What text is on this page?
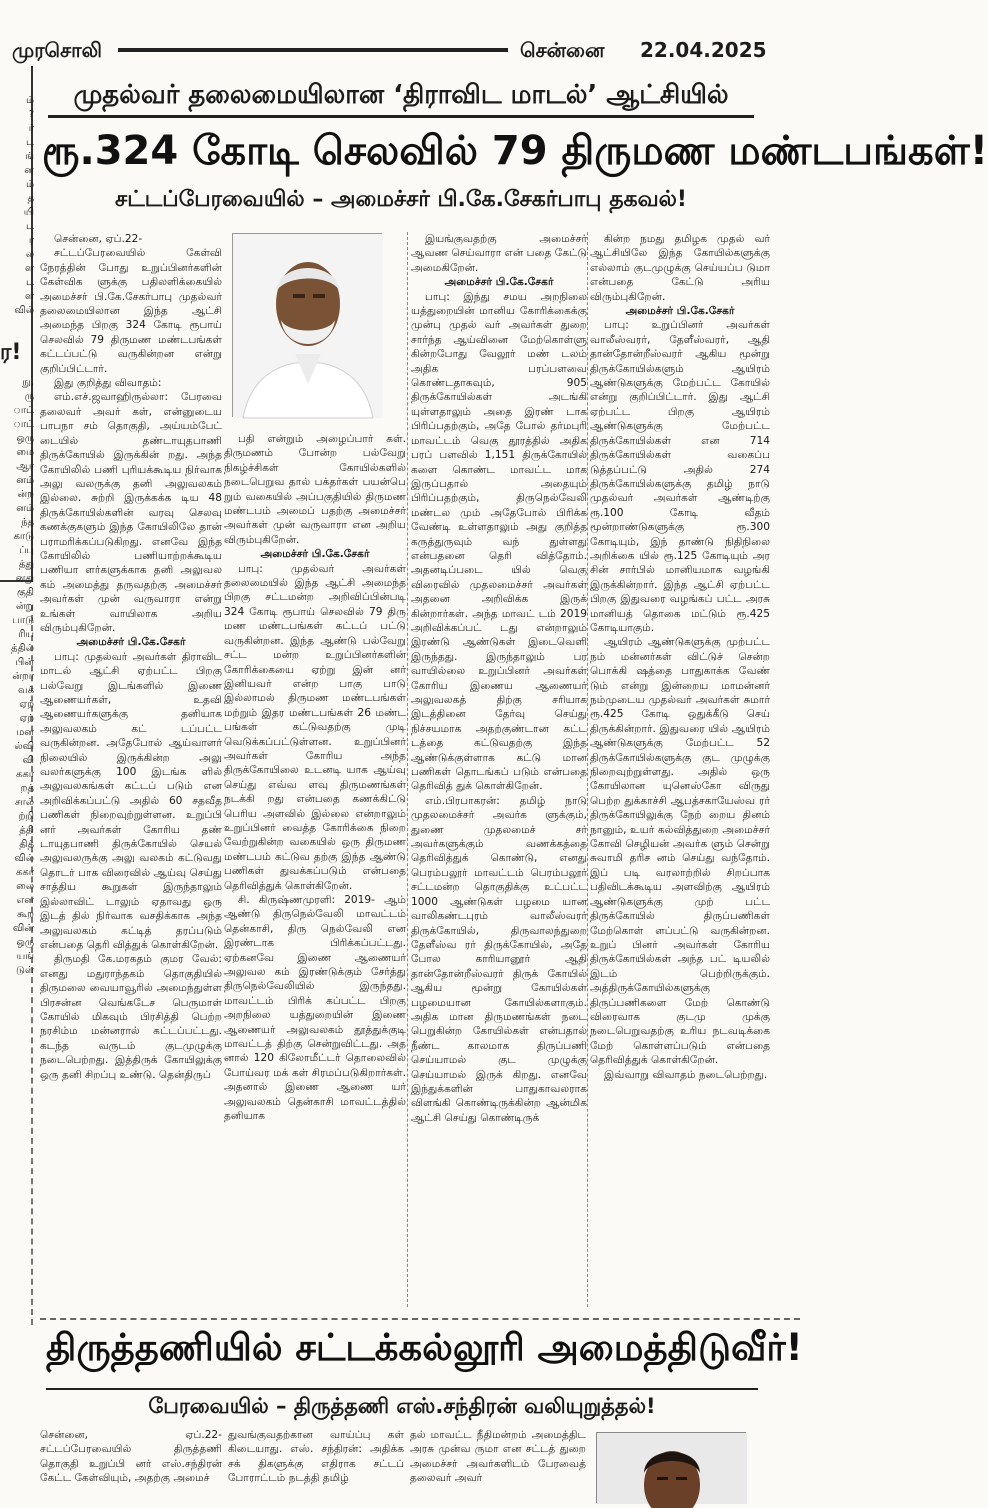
முரசொலி	சென்னை 22.04.2025
ம்
?
ர்
ட
ங்
ன
ம்
த
யி
ட
ர
ல
ள
ட
ள
வில்
ர!
நு,
ரு
ாட்
ாட்
ஒரு
மை
ஆர
னம்
ன்ற
னம்
ந்த
காடு
ப்பு
த்து
னது
குதி
ன்று
பாடு
ரிய
த்தில்
பின்
ன்றா
வக்
ஏற்
ஏற்
மன
ல்வி
வி
ககா
றத்
சால்
ற்றி
த்தி
தித்
வில்
ககா
லை
என
கூற
வின்
ஒரு
யங்
டுள்
முதல்வர் தலைமையிலான ‘திராவிட மாடல்’ ஆட்சியில்
ரூ.324 கோடி செலவில் 79 திருமண மண்டபங்கள்!
சட்டப்பேரவையில் – அமைச்சர் பி.கே.சேகர்பாபு தகவல்!

சென்னை, ஏப்.22-

சட்டப்பேரவையில் கேள்வி நேரத்தின் போது உறுப்பினர்களின் கேள்விக ளுக்கு பதிலளிக்கையில் அமைச்சர் பி.கே.சேகர்பாபு முதல்வர் தலைமையிலான இந்த ஆட்சி அமைந்த பிறகு 324 கோடி ரூபாய் செலவில் 79 திருமண மண்டபங்கள் கட்டப்பட்டு வருகின்றன என்று குறிப்பிட்டார்.

இது குறித்து விவாதம்:

எம்.எச்.ஜவாஹிருல்லா: பேரவை தலைவர் அவர் கள், என்னுடைய பாபநா சம் தொகுதி, அய்யம்பேட் டையில் தண்டாயுதபாணி திருக்கோயில் இருக்கின் றது. அந்த கோயிலில் பணி புரியக்கூடிய நிர்வாக அலு வலருக்கு தனி அலுவலகம் இல்லை. சுற்றி இருக்கக்க டிய 48 திருக்கோயில்களின் வரவு செலவு கணக்குகளும் இந்த கோயிலிலே தான் பராமரிக்கப்படுகிறது. எனவே இந்த கோயிலில் பணியாற்றக்கூடிய பணியா ளர்களுக்காக தனி அலுவல கம் அமைத்து தருவதற்கு அமைச்சர் அவர்கள் முன் வருவாரா என்று உங்கள் வாயிலாக அறிய விரும்புகிறேன்.

அமைச்சர் பி.கே.சேகர்

பாபு: முதல்வர் அவர்கள் திராவிட மாடல் ஆட்சி ஏற்பட்ட பிறகு பல்வேறு இடங்களில் இணை ஆணையர்கள், உதவி ஆணையர்களுக்கு தனியாக அலுவலகம் கட் டப்பட்ட வருகின்றன. அதேபோல் ஆய்வாளர் நிலையில் இருக்கின்ற அலு வலர்களுக்கு 100 இடங்க ளில் அலுவலகங்கள் கட்டப் படும் என அறிவிக்கப்பட்டு அதில் 60 சதவீத பணிகள் நிறைவுற்றுள்ளன. உறுப்பி னர் அவர்கள் கோரிய தண் டாயுதபாணி திருக்கோயில் செயல் அலுவலருக்கு அலு வலகம் கட்டுவது தொடர் பாக விரைவில் ஆய்வு செய்து சாத்திய கூறுகள் இருந்தாலும் இல்லாவிட் டாலும் ஏதாவது ஒரு இடத் தில் நிர்வாக வசதிக்காக அந்த அலுவலகம் கட்டித் தரப்படும் என்பதை தெரி வித்துக் கொள்கிறேன்.

திருமதி கே.மரகதம் குமர வேல்: எனது மதுராந்தகம் தொகுதியில் திருமலை வையாவூரில் அமைந்துள்ள பிரசன்ன வெங்கடேச பெருமாள் கோயில் மிகவும் பிரசித்தி பெற்ற நரசிம்ம மன்னரால் கட்டப்பட்டது. கடந்த வருடம் குடமுழுக்கு நடைபெற்றது. இத்திருக் கோயிலுக்கு ஒரு தனி சிறப்பு உண்டு. தென்திருப்

பதி என்றும் அழைப்பார் கள். திருமணம் போன்ற பல்வேறு நிகழ்ச்சிகள் கோயில்களில் நடைபெறுவ தால் பக்தர்கள் பயன்பெ றும் வகையில் அப்பகுதியில் திருமண மண்டபம் அமைப் பதற்கு அமைச்சர் அவர்கள் முன் வருவாரா என அறிய விரும்புகிறேன்.

அமைச்சர் பி.கே.சேகர்

பாபு: முதல்வர் அவர்கள் தலைமையில் இந்த ஆட்சி அமைந்த பிறகு சட்டமன்ற அறிவிப்பின்படி 324 கோடி ரூபாய் செலவில் 79 திரு மண மண்டபங்கள் கட்டப் பட்டு வருகின்றன. இந்த ஆண்டு பல்வேறு சட்ட மன்ற உறுப்பினர்களின் கோரிக்கையை ஏற்று இன் னர் இனியவர் என்ற பாகு பாடு இல்லாமல் திருமண மண்டபங்கள் மற்றும் இதர மண்டபங்கள் 26 மண்ட பங்கள் கட்டுவதற்கு முடி வெடுக்கப்பட்டுள்ளன. உறுப்பினர் அவர்கள் கோரிய அந்த திருக்கோயிலை உடனடி யாக ஆய்வு செய்து எவ்வ ளவு திருமணங்கள் நடக்கி றது என்பதை கணக்கிட்டு பெரிய அளவில் இல்லை என்றாலும் உறுப்பினர் வைத்த கோரிக்கை நிறை வேற்றுகின்ற வகையில் ஒரு திருமண மண்டபம் கட்டுவ தற்கு இந்த ஆண்டு பணிகள் துவக்கப்படும் என்பதை தெரிவித்துக் கொள்கிறேன்.

சி. கிருஷ்ணமுரளி: 2019- ஆம் ஆண்டு திருநெல்வேலி மாவட்டம் தென்காசி, திரு நெல்வேலி என இரண்டாக பிரிக்கப்பட்டது. ஏற்கனவே இணை ஆணையர் அலுவல கம் இரண்டுக்கும் சேர்த்து திருநெல்வேலியில் இருந்தது. மாவட்டம் பிரிக் கப்பட்ட பிறகு அறநிலை யத்துறையின் இணை ஆணையர் அலுவலகம் தூத்துக்குடி மாவட்டத் திற்கு சென்றுவிட்டது. அத னால் 120 கிலோமீட்டர் தொலைவில் போய்வர மக் கள் சிரமப்படுகிறார்கள். அதனால் இணை ஆணை யர் அலுவலகம் தென்காசி மாவட்டத்தில் தனியாக

இயங்குவதற்கு அமைச்சர் ஆவண செய்வாரா என் பதை கேட்டு அமைகிறேன்.

அமைச்சர் பி.கே.சேகர்

பாபு: இந்து சமய அறநிலை யத்துறையின் மானிய கோரிக்கைக்கு முன்பு முதல் வர் அவர்கள் துறை சார்ந்த ஆய்வினை மேற்கொள்ளு கின்றபோது வேலூர் மண் டலம் அதிக பரப்பளவை கொண்டதாகவும், 905 திருக்கோயில்கள் அடங்கி யுள்ளதாலும் அதை இரண் டாக பிரிப்பதற்கும், அதே போல் தர்மபுரி மாவட்டம் வெகு தூரத்தில் அதிக பரப் பளவில் 1,151 திருக்கோயில் களை கொண்ட மாவட்ட மாக இருப்பதால் அதையும் பிரிப்பதற்கும், திருநெல்வேலி மண்டல மும் அதேபோல் பிரிக்க வேண்டி உள்ளதாலும் அது குறித்த கருத்துருவும் வந் துள்ளது என்பதனை தெரி வித்தோம். அதனடிப்படை யில் வெகு விரைவில் முதலமைச்சர் அவர்கள் அதனை அறிவிக்க இருக் கின்றார்கள். அந்த மாவட் டம் 2019 அறிவிக்கப்பட் டது என்றாலும் இரண்டு ஆண்டுகள் இடைவெளி இருந்தது. இருந்தாலும் பர வாயில்லை உறுப்பினர் அவர்கள் கோரிய இணைய ஆணையர் அலுவலகத் திற்கு சரியாக இடத்தினை தேர்வு செய்து நிச்சயமாக அதற்குண்டான கட்ட டத்தை கட்டுவதற்கு இந்த ஆண்டுக்குள்ளாக கட்டு மான பணிகள் தொடங்கப் படும் என்பதை தெரிவித் துக் கொள்கிறேன்.

எம்.பிரபாகரன்: தமிழ் நாடு முதலமைச்சர் அவர்க ளுக்கும், துணை முதலமைச் சர் அவர்களுக்கும் வணக்கத்தை தெரிவித்துக் கொண்டு, எனது பெரம்பலூர் மாவட்டம் பெரம்பலூர் சட்டமன்ற தொகுதிக்கு உட்பட்ட 1000 ஆண்டுகள் பழமை யான வாலிகண்டபுரம் வாலீஸ்வரர் திருக்கோயில், திருவாலந்துறை தேளீஸ்வ ரர் திருக்கோயில், அதே போல காரியானூர் ஆதி தான்தோன்றீஸ்வரர் திருக் கோயில் ஆகிய மூன்று கோயில்கள் பழமையான கோயில்களாகும். அதிக மான திருமணங்கள் நடை பெறுகின்ற கோயில்கள் என்பதால் நீண்ட காலமாக திருப்பணி செய்யாமல் குட முழுக்கு செய்யாமல் இருக் கிறது. எனவே இந்துக்களின் பாதுகாவலராக விளங்கி கொண்டிருக்கின்ற ஆன்மிக ஆட்சி செய்து கொண்டிருக்

கின்ற நமது தமிழக முதல் வர் ஆட்சியிலே இந்த கோயில்களுக்கு எல்லாம் குடமுழுக்கு செய்யப்ப டுமா என்பதை கேட்டு அரிய விரும்புகிறேன்.

அமைச்சர் பி.கே.சேகர்

பாபு: உறுப்பினர் அவர்கள் வாலீஸ்வரர், தேளீஸ்வரர், ஆதி தான்தோன்றீஸ்வரர் ஆகிய மூன்று திருக்கோயில்களும் ஆயிரம் ஆண்டுகளுக்கு மேற்பட்ட கோயில் என்று குறிப்பிட்டார். இது ஆட்சி ஏற்பட்ட பிறகு ஆயிரம் ஆண்டுகளுக்கு மேற்பட்ட திருக்கோயில்கள் என 714 திருக்கோயில்கள் வகைப்ப டுத்தப்பட்டு அதில் 274 திருக்கோயில்களுக்கு தமிழ் நாடு முதல்வர் அவர்கள் ஆண்டிற்கு ரூ.100 கோடி வீதம் மூன்றாண்டுகளுக்கு ரூ.300 கோடியும், இந் தாண்டு நிதிநிலை அறிக்கை யில் ரூ.125 கோடியும் அர சின் சார்பில் மானியமாக வழங்கி இருக்கின்றார். இந்த ஆட்சி ஏற்பட்ட பிறகு இதுவரை வழங்கப் பட்ட அரசு மானியத் தொகை மட்டும் ரூ.425 கோடியாகும்.

ஆயிரம் ஆண்டுகளுக்கு முற்பட்ட நம் மன்னர்கள் விட்டுச் சென்ற பொக்கி ஷத்தை பாதுகாக்க வேண் டும் என்று இன்றைய மாமன்னர் நம்முடைய முதல்வர் அவர்கள் சுமார் ரூ.425 கோடி ஒதுக்கீடு செய் திருக்கின்றார். இதுவரை யில் ஆயிரம் ஆண்டுகளுக்கு மேற்பட்ட 52 திருக்கோயில்களுக்கு குட முழுக்கு நிறைவுற்றுள்ளது. அதில் ஒரு கோயிலான யுனெஸ்கோ விருது பெற்ற துக்காச்சி ஆபத்சகாயேஸ்வ ரர் திருக்கோயிலுக்கு நேற் றைய தினம் நானும், உயர் கல்வித்துறை அமைச்சர் கோவி செழியன் அவர்க ளும் சென்று சுவாமி தரிச னம் செய்து வந்தோம். இப் படி வரலாற்றில் சிறப்பாக பதிவிடக்கூடிய அளவிற்கு ஆயிரம் ஆண்டுகளுக்கு முற் பட்ட திருக்கோயில் திருப்பணிகள் மேற்கொள் ளப்பட்டு வருகின்றன. உறுப் பினர் அவர்கள் கோரிய திருக்கோயில்கள் அந்த பட் டியலில் இடம் பெற்றிருக்கும். அத்திருக்கோயில்களுக்கு திருப்பணிகளை மேற் கொண்டு விரைவாக குடமு முக்கு நடைபெறுவதற்கு உரிய நடவடிக்கை மேற் கொள்ளப்படும் என்பதை தெரிவித்துக் கொள்கிறேன்.

இவ்வாறு விவாதம் நடைபெற்றது.

திருத்தணியில் சட்டக்கல்லூரி அமைத்திடுவீர்!
பேரவையில் – திருத்தணி எஸ்.சந்திரன் வலியுறுத்தல்!
சென்னை, ஏப்.22- சட்டப்பேரவையில் திருத்தணி தொகுதி உறுப்பி னர் எஸ்.சந்திரன் கேட்ட கேள்வியும், அதற்கு அமைச்
துவங்குவதற்கான வாய்ப்பு கள் கிடையாது. எஸ். சந்திரன்: அதிக்க சக் திகளுக்கு எதிராக சட்டப் போராட்டம் நடத்தி தமிழ்
தல் மாவட்ட நீதிமன்றம் அமைத்திட அரசு முன்வ ருமா என சட்டத் துறை அமைச்சர் அவர்களிடம் பேரவைத் தலைவர் அவர்
